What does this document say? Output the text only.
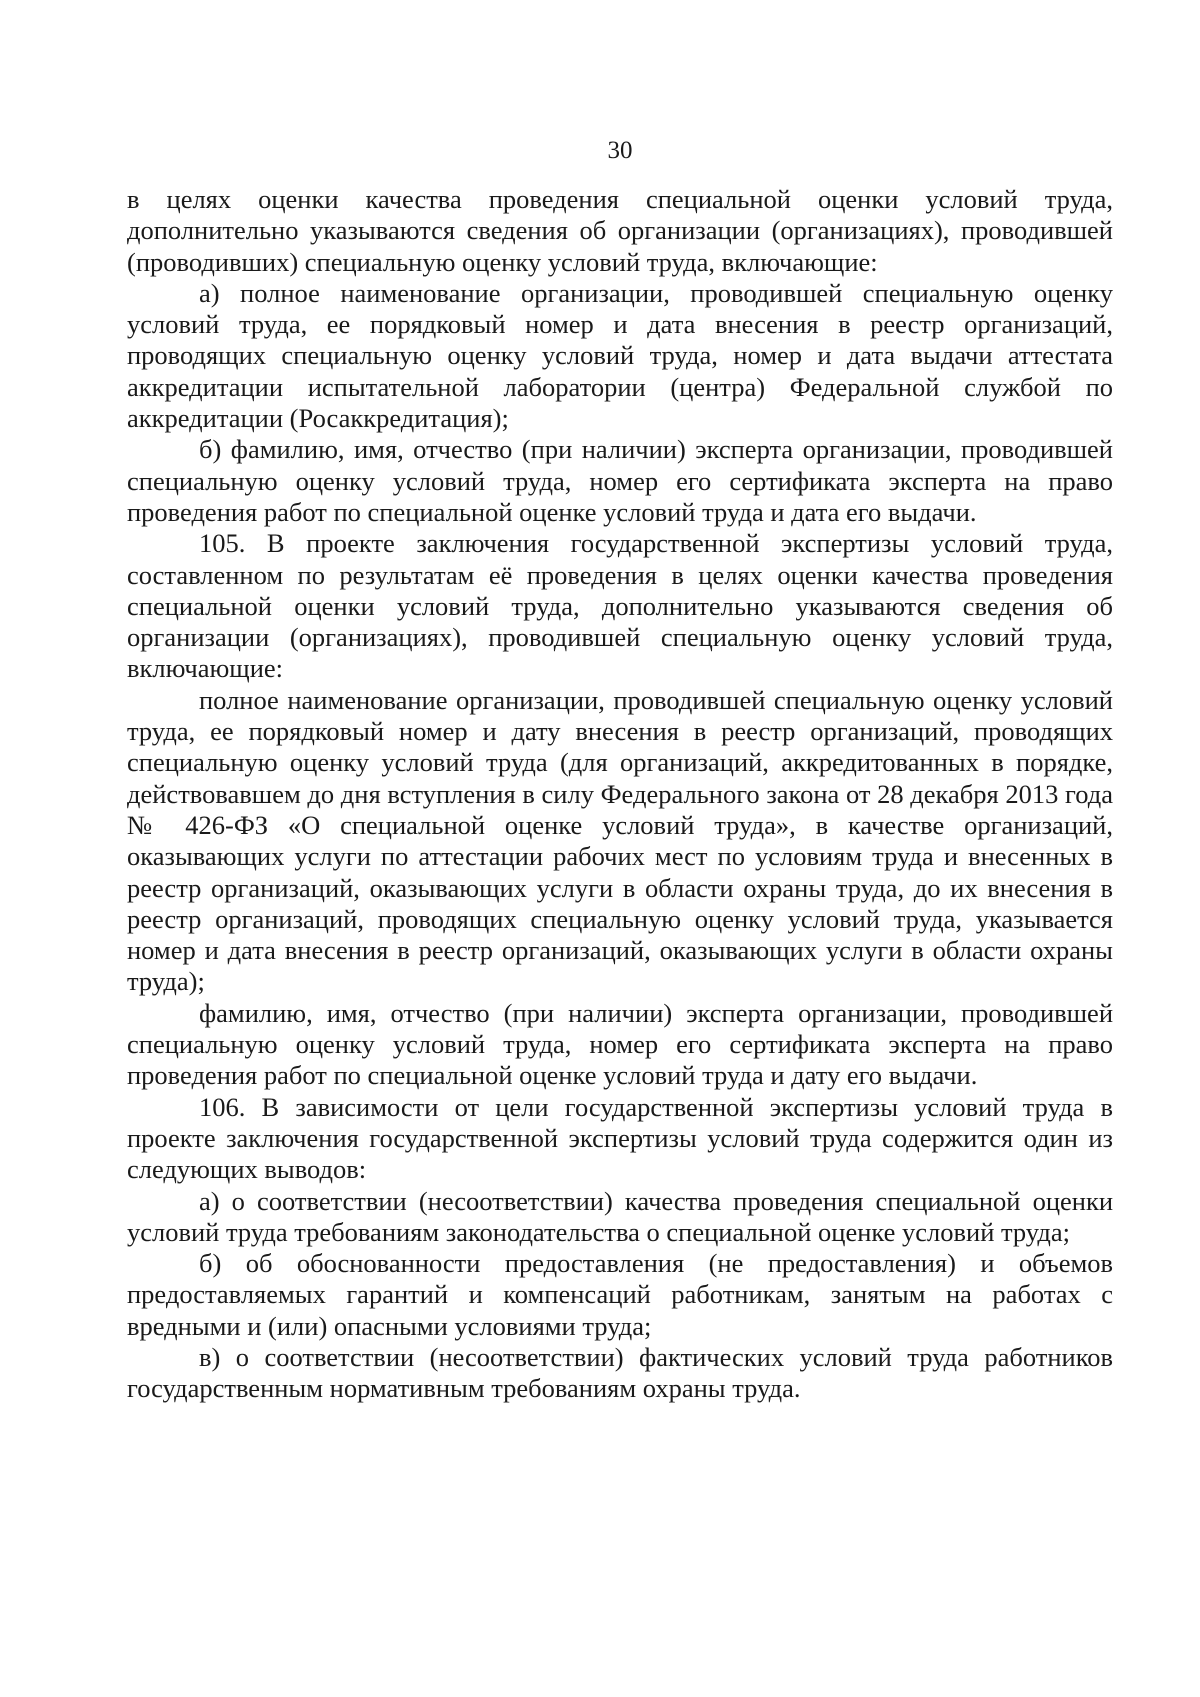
30

в целях оценки качества проведения специальной оценки условий труда, дополнительно указываются сведения об организации (организациях), проводившей (проводивших) специальную оценку условий труда, включающие:

а) полное наименование организации, проводившей специальную оценку условий труда, ее порядковый номер и дата внесения в реестр организаций, проводящих специальную оценку условий труда, номер и дата выдачи аттестата аккредитации испытательной лаборатории (центра) Федеральной службой по аккредитации (Росаккредитация);

б) фамилию, имя, отчество (при наличии) эксперта организации, проводившей специальную оценку условий труда, номер его сертификата эксперта на право проведения работ по специальной оценке условий труда и дата его выдачи.

105. В проекте заключения государственной экспертизы условий труда, составленном по результатам её проведения в целях оценки качества проведения специальной оценки условий труда, дополнительно указываются сведения об организации (организациях), проводившей специальную оценку условий труда, включающие:

полное наименование организации, проводившей специальную оценку условий труда, ее порядковый номер и дату внесения в реестр организаций, проводящих специальную оценку условий труда (для организаций, аккредитованных в порядке, действовавшем до дня вступления в силу Федерального закона от 28 декабря 2013 года № 426-ФЗ «О специальной оценке условий труда», в качестве организаций, оказывающих услуги по аттестации рабочих мест по условиям труда и внесенных в реестр организаций, оказывающих услуги в области охраны труда, до их внесения в реестр организаций, проводящих специальную оценку условий труда, указывается номер и дата внесения в реестр организаций, оказывающих услуги в области охраны труда);

фамилию, имя, отчество (при наличии) эксперта организации, проводившей специальную оценку условий труда, номер его сертификата эксперта на право проведения работ по специальной оценке условий труда и дату его выдачи.

106. В зависимости от цели государственной экспертизы условий труда в проекте заключения государственной экспертизы условий труда содержится один из следующих выводов:

а) о соответствии (несоответствии) качества проведения специальной оценки условий труда требованиям законодательства о специальной оценке условий труда;

б) об обоснованности предоставления (не предоставления) и объемов предоставляемых гарантий и компенсаций работникам, занятым на работах с вредными и (или) опасными условиями труда;

в) о соответствии (несоответствии) фактических условий труда работников государственным нормативным требованиям охраны труда.
